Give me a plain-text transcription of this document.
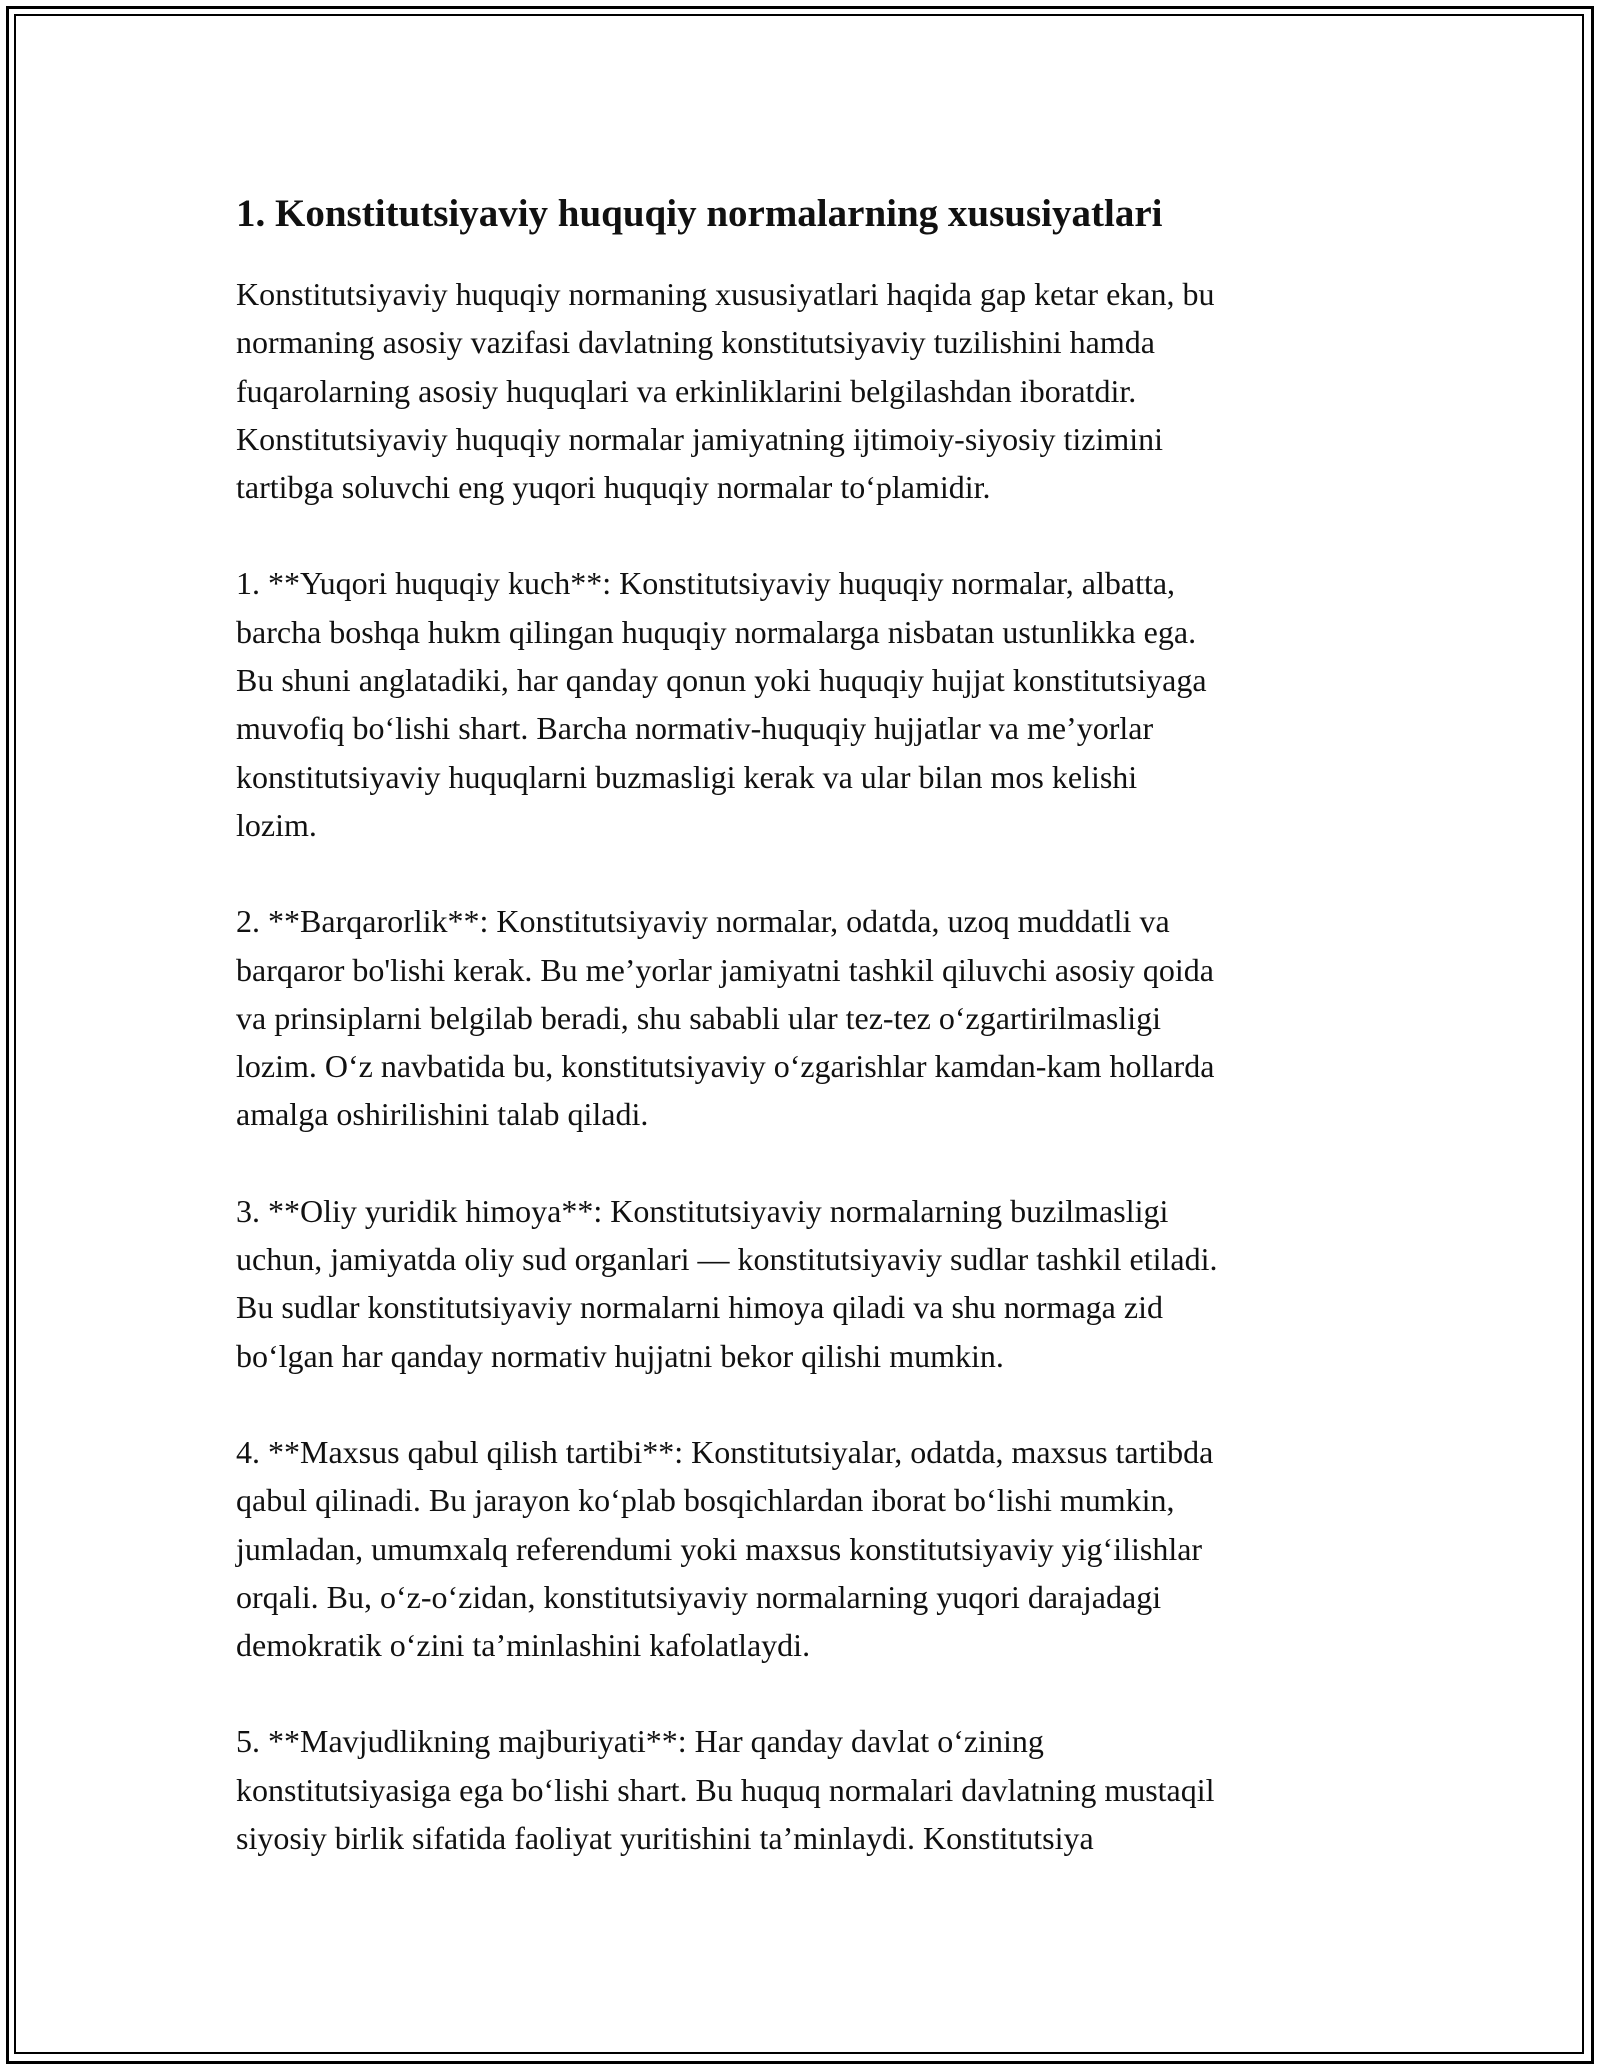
1. Konstitutsiyaviy huquqiy normalarning xususiyatlari

Konstitutsiyaviy huquqiy normaning xususiyatlari haqida gap ketar ekan, bu
normaning asosiy vazifasi davlatning konstitutsiyaviy tuzilishini hamda
fuqarolarning asosiy huquqlari va erkinliklarini belgilashdan iboratdir.
Konstitutsiyaviy huquqiy normalar jamiyatning ijtimoiy-siyosiy tizimini
tartibga soluvchi eng yuqori huquqiy normalar to‘plamidir.

1. **Yuqori huquqiy kuch**: Konstitutsiyaviy huquqiy normalar, albatta,
barcha boshqa hukm qilingan huquqiy normalarga nisbatan ustunlikka ega.
Bu shuni anglatadiki, har qanday qonun yoki huquqiy hujjat konstitutsiyaga
muvofiq bo‘lishi shart. Barcha normativ-huquqiy hujjatlar va me’yorlar
konstitutsiyaviy huquqlarni buzmasligi kerak va ular bilan mos kelishi
lozim.

2. **Barqarorlik**: Konstitutsiyaviy normalar, odatda, uzoq muddatli va
barqaror bo'lishi kerak. Bu me’yorlar jamiyatni tashkil qiluvchi asosiy qoida
va prinsiplarni belgilab beradi, shu sababli ular tez-tez o‘zgartirilmasligi
lozim. O‘z navbatida bu, konstitutsiyaviy o‘zgarishlar kamdan-kam hollarda
amalga oshirilishini talab qiladi.

3. **Oliy yuridik himoya**: Konstitutsiyaviy normalarning buzilmasligi
uchun, jamiyatda oliy sud organlari — konstitutsiyaviy sudlar tashkil etiladi.
Bu sudlar konstitutsiyaviy normalarni himoya qiladi va shu normaga zid
bo‘lgan har qanday normativ hujjatni bekor qilishi mumkin.

4. **Maxsus qabul qilish tartibi**: Konstitutsiyalar, odatda, maxsus tartibda
qabul qilinadi. Bu jarayon ko‘plab bosqichlardan iborat bo‘lishi mumkin,
jumladan, umumxalq referendumi yoki maxsus konstitutsiyaviy yig‘ilishlar
orqali. Bu, o‘z-o‘zidan, konstitutsiyaviy normalarning yuqori darajadagi
demokratik o‘zini ta’minlashini kafolatlaydi.

5. **Mavjudlikning majburiyati**: Har qanday davlat o‘zining
konstitutsiyasiga ega bo‘lishi shart. Bu huquq normalari davlatning mustaqil
siyosiy birlik sifatida faoliyat yuritishini ta’minlaydi. Konstitutsiya
